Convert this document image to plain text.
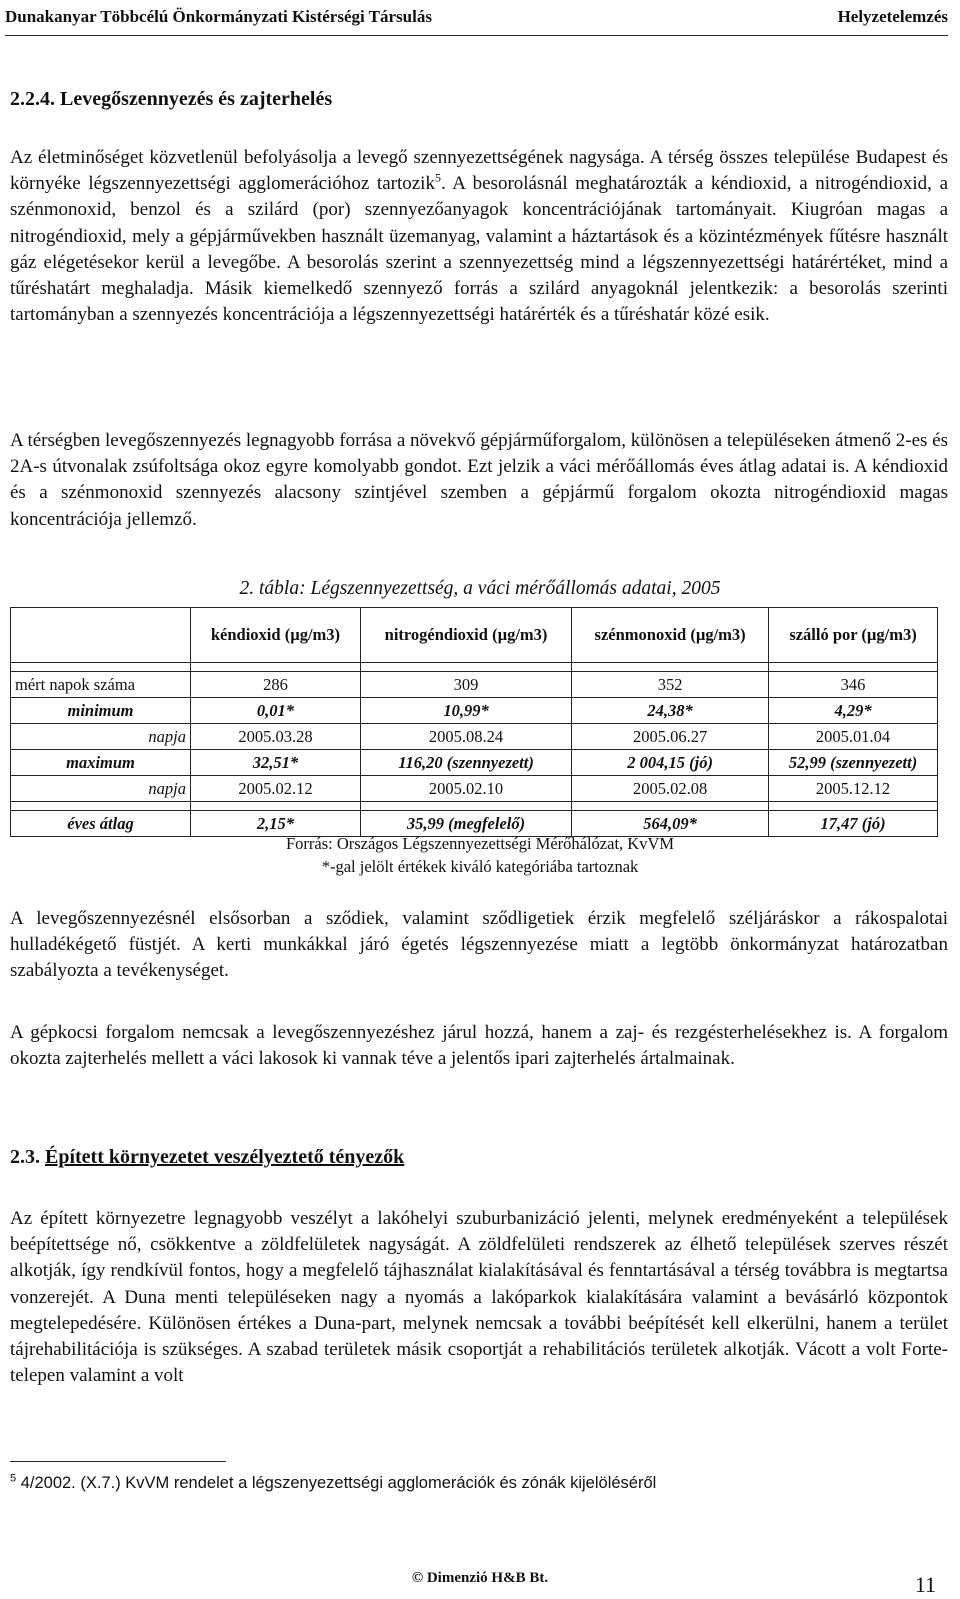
Dunakanyar Többcélú Önkormányzati Kistérségi Társulás	Helyzetelemzés
2.2.4. Levegőszennyezés és zajterhelés

Az életminőséget közvetlenül befolyásolja a levegő szennyezettségének nagysága. A térség összes települése Budapest és környéke légszennyezettségi agglomerációhoz tartozik$^5$. A besorolásnál meghatározták a kéndioxid, a nitrogéndioxid, a szénmonoxid, benzol és a szilárd (por) szennyezőanyagok koncentrációjának tartományait. Kiugróan magas a nitrogéndioxid, mely a gépjárművekben használt üzemanyag, valamint a háztartások és a közintézmények fűtésre használt gáz elégetésekor kerül a levegőbe. A besorolás szerint a szennyezettség mind a légszennyezettségi határértéket, mind a tűréshatárt meghaladja. Másik kiemelkedő szennyező forrás a szilárd anyagoknál jelentkezik: a besorolás szerinti tartományban a szennyezés koncentrációja a légszennyezettségi határérték és a tűréshatár közé esik.

A térségben levegőszennyezés legnagyobb forrása a növekvő gépjárműforgalom, különösen a településeken átmenő 2-es és 2A-s útvonalak zsúfoltsága okoz egyre komolyabb gondot. Ezt jelzik a váci mérőállomás éves átlag adatai is. A kéndioxid és a szénmonoxid szennyezés alacsony szintjével szemben a gépjármű forgalom okozta nitrogéndioxid magas koncentrációja jellemző.

2. tábla: Légszennyezettség, a váci mérőállomás adatai, 2005
	kéndioxid (µg/m3)	nitrogéndioxid (µg/m3)	szénmonoxid (µg/m3)	szálló por (µg/m3)

mért napok száma	286	309	352	346
minimum	0,01*	10,99*	24,38*	4,29*
napja	2005.03.28	2005.08.24	2005.06.27	2005.01.04
maximum	32,51*	116,20 (szennyezett)	2 004,15 (jó)	52,99 (szennyezett)
napja	2005.02.12	2005.02.10	2005.02.08	2005.12.12

éves átlag	2,15*	35,99 (megfelelő)	564,09*	17,47 (jó)
Forrás: Országos Légszennyezettségi Mérőhálózat, KvVM
*-gal jelölt értékek kiváló kategóriába tartoznak

A levegőszennyezésnél elsősorban a sződiek, valamint sződligetiek érzik megfelelő széljáráskor a rákospalotai hulladékégető füstjét. A kerti munkákkal járó égetés légszennyezése miatt a legtöbb önkormányzat határozatban szabályozta a tevékenységet.

A gépkocsi forgalom nemcsak a levegőszennyezéshez járul hozzá, hanem a zaj- és rezgésterhelésekhez is. A forgalom okozta zajterhelés mellett a váci lakosok ki vannak téve a jelentős ipari zajterhelés ártalmainak.

2.3. Épített környezetet veszélyeztető tényezők

Az épített környezetre legnagyobb veszélyt a lakóhelyi szuburbanizáció jelenti, melynek eredményeként a települések beépítettsége nő, csökkentve a zöldfelületek nagyságát. A zöldfelületi rendszerek az élhető települések szerves részét alkotják, így rendkívül fontos, hogy a megfelelő tájhasználat kialakításával és fenntartásával a térség továbbra is megtartsa vonzerejét. A Duna menti településeken nagy a nyomás a lakóparkok kialakítására valamint a bevásárló központok megtelepedésére. Különösen értékes a Duna-part, melynek nemcsak a további beépítését kell elkerülni, hanem a terület tájrehabilitációja is szükséges. A szabad területek másik csoportját a rehabilitációs területek alkotják. Vácott a volt Forte-telepen valamint a volt

$^5$ 4/2002. (X.7.) KvVM rendelet a légszenyezettségi agglomerációk és zónák kijelöléséről
© Dimenzió H&B Bt.	11
